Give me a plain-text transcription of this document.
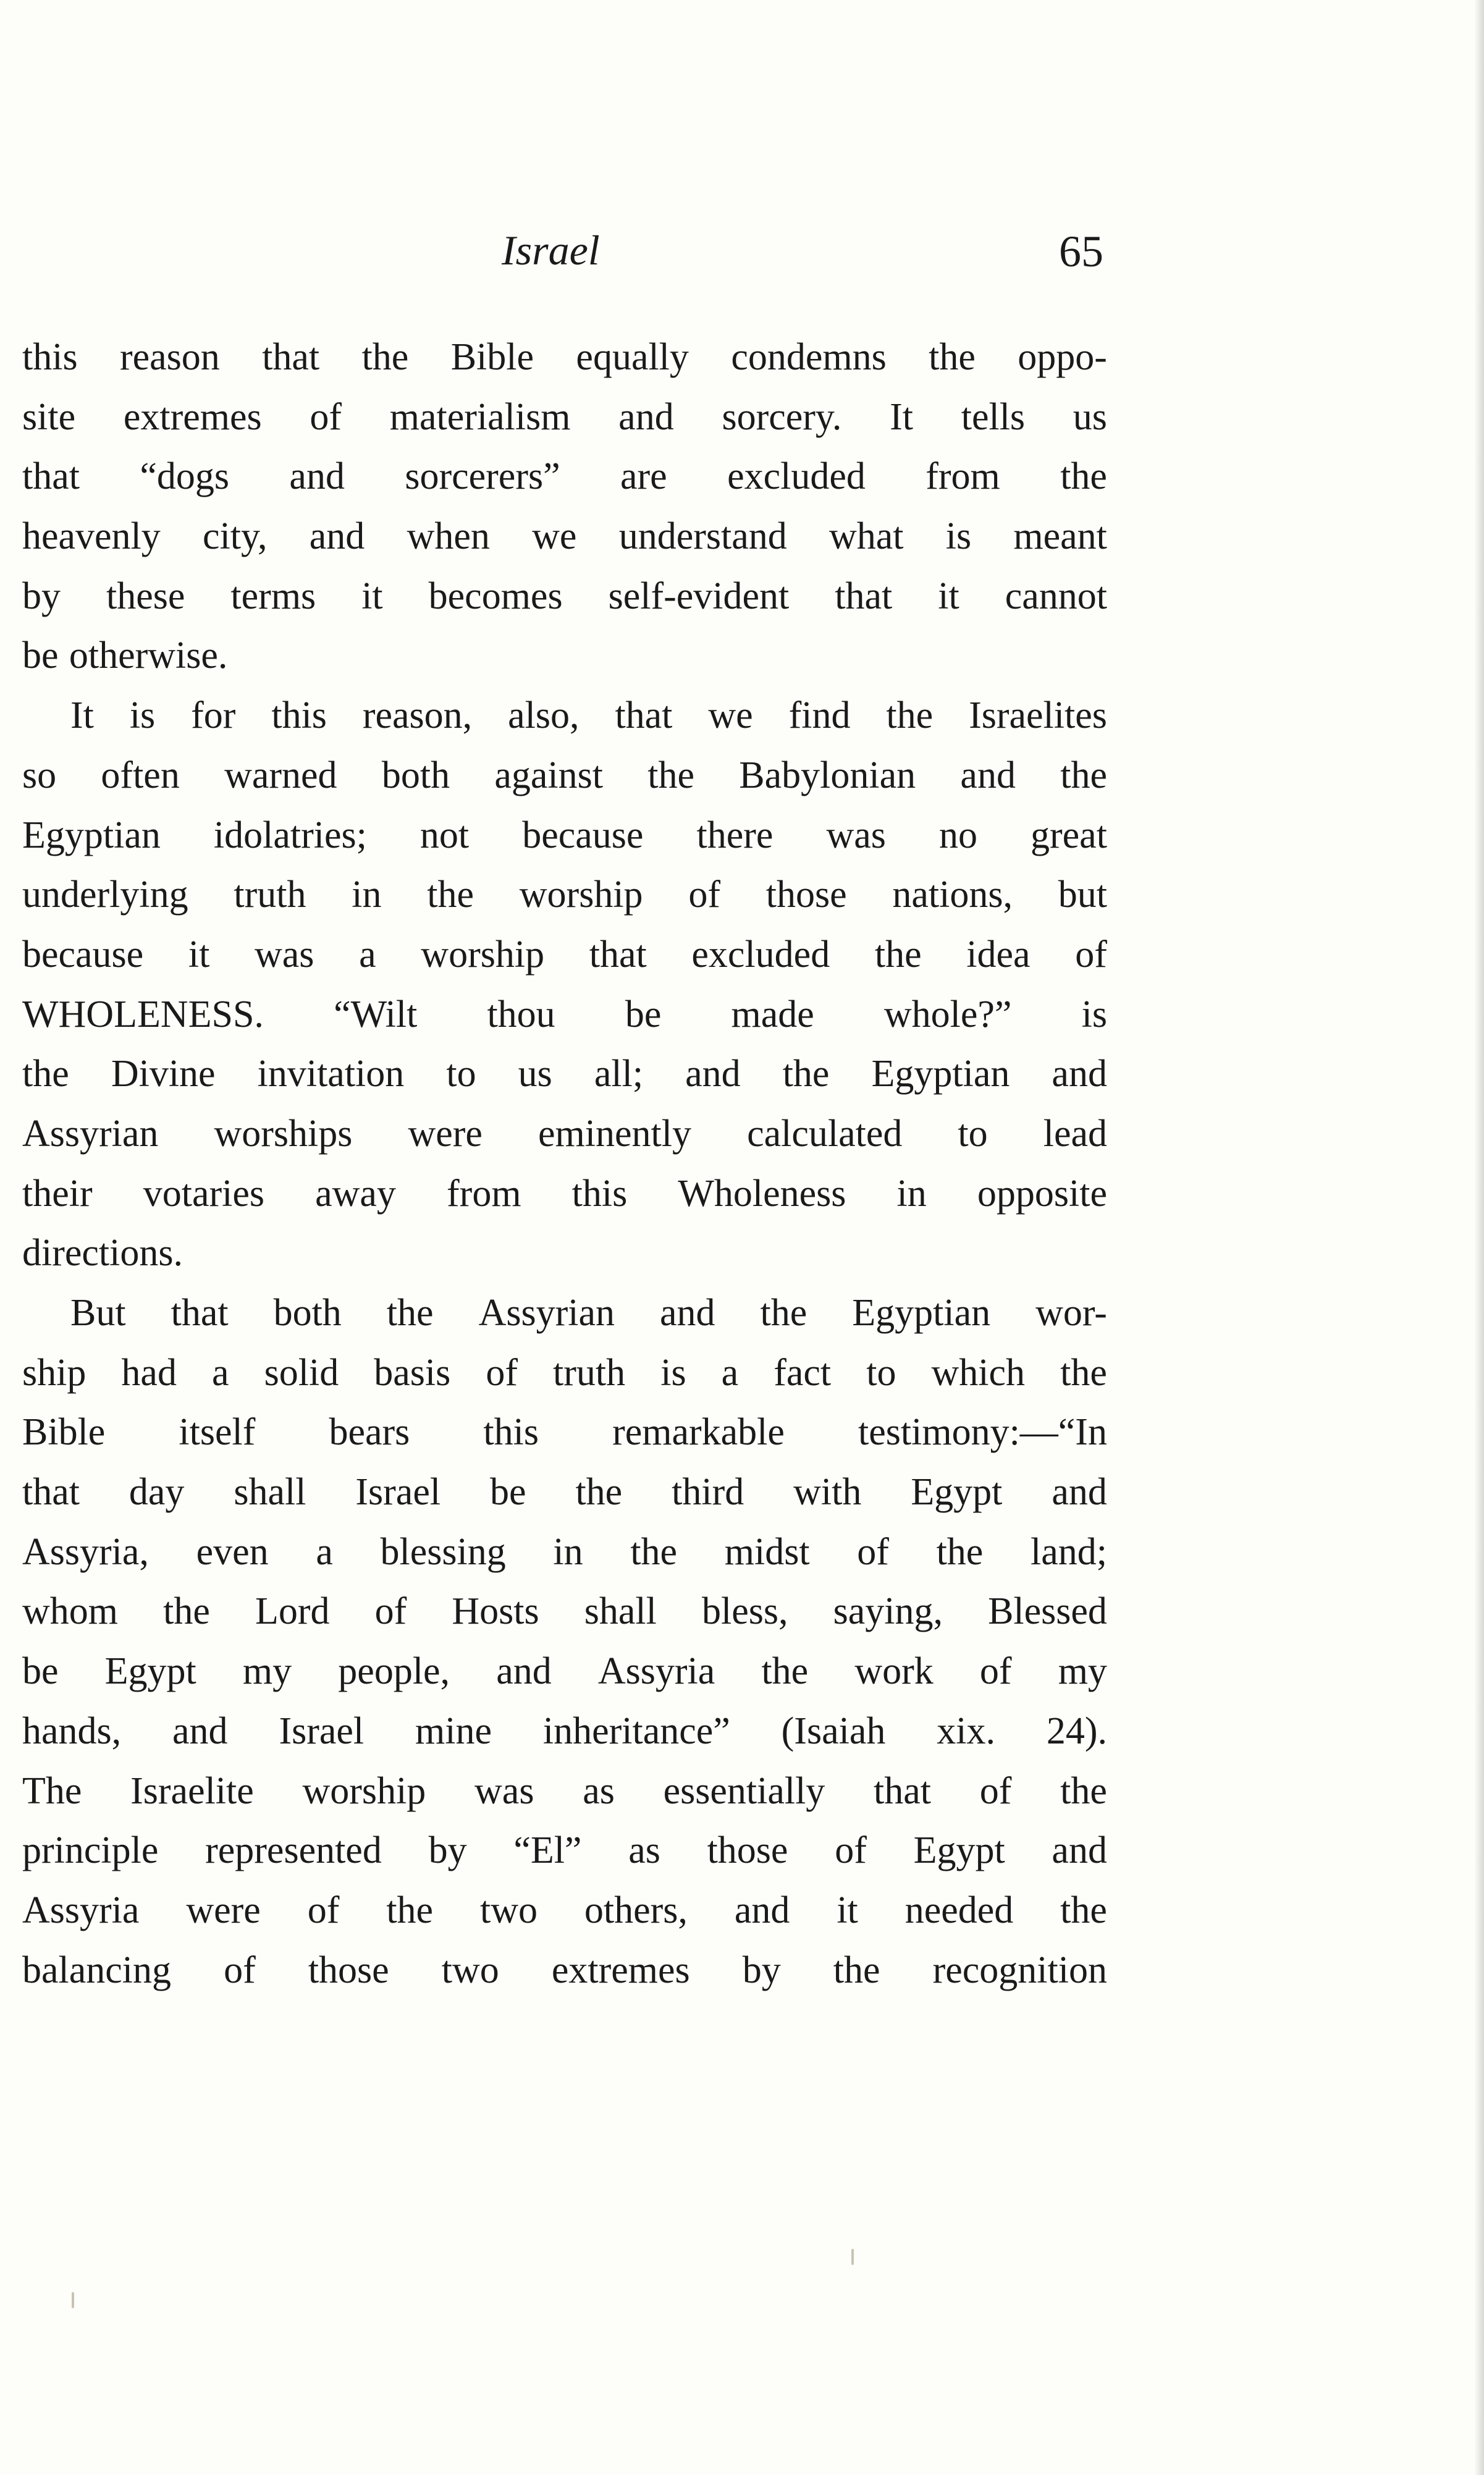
Israel	65
this reason that the Bible equally condemns the oppo-
site extremes of materialism and sorcery. It tells us
that “dogs and sorcerers” are excluded from the
heavenly city, and when we understand what is meant
by these terms it becomes self-evident that it cannot
be otherwise.
It is for this reason, also, that we find the Israelites
so often warned both against the Babylonian and the
Egyptian idolatries; not because there was no great
underlying truth in the worship of those nations, but
because it was a worship that excluded the idea of
WHOLENESS. “Wilt thou be made whole?” is
the Divine invitation to us all; and the Egyptian and
Assyrian worships were eminently calculated to lead
their votaries away from this Wholeness in opposite
directions.
But that both the Assyrian and the Egyptian wor-
ship had a solid basis of truth is a fact to which the
Bible itself bears this remarkable testimony:—“In
that day shall Israel be the third with Egypt and
Assyria, even a blessing in the midst of the land;
whom the Lord of Hosts shall bless, saying, Blessed
be Egypt my people, and Assyria the work of my
hands, and Israel mine inheritance” (Isaiah xix. 24).
The Israelite worship was as essentially that of the
principle represented by “El” as those of Egypt and
Assyria were of the two others, and it needed the
balancing of those two extremes by the recognition
